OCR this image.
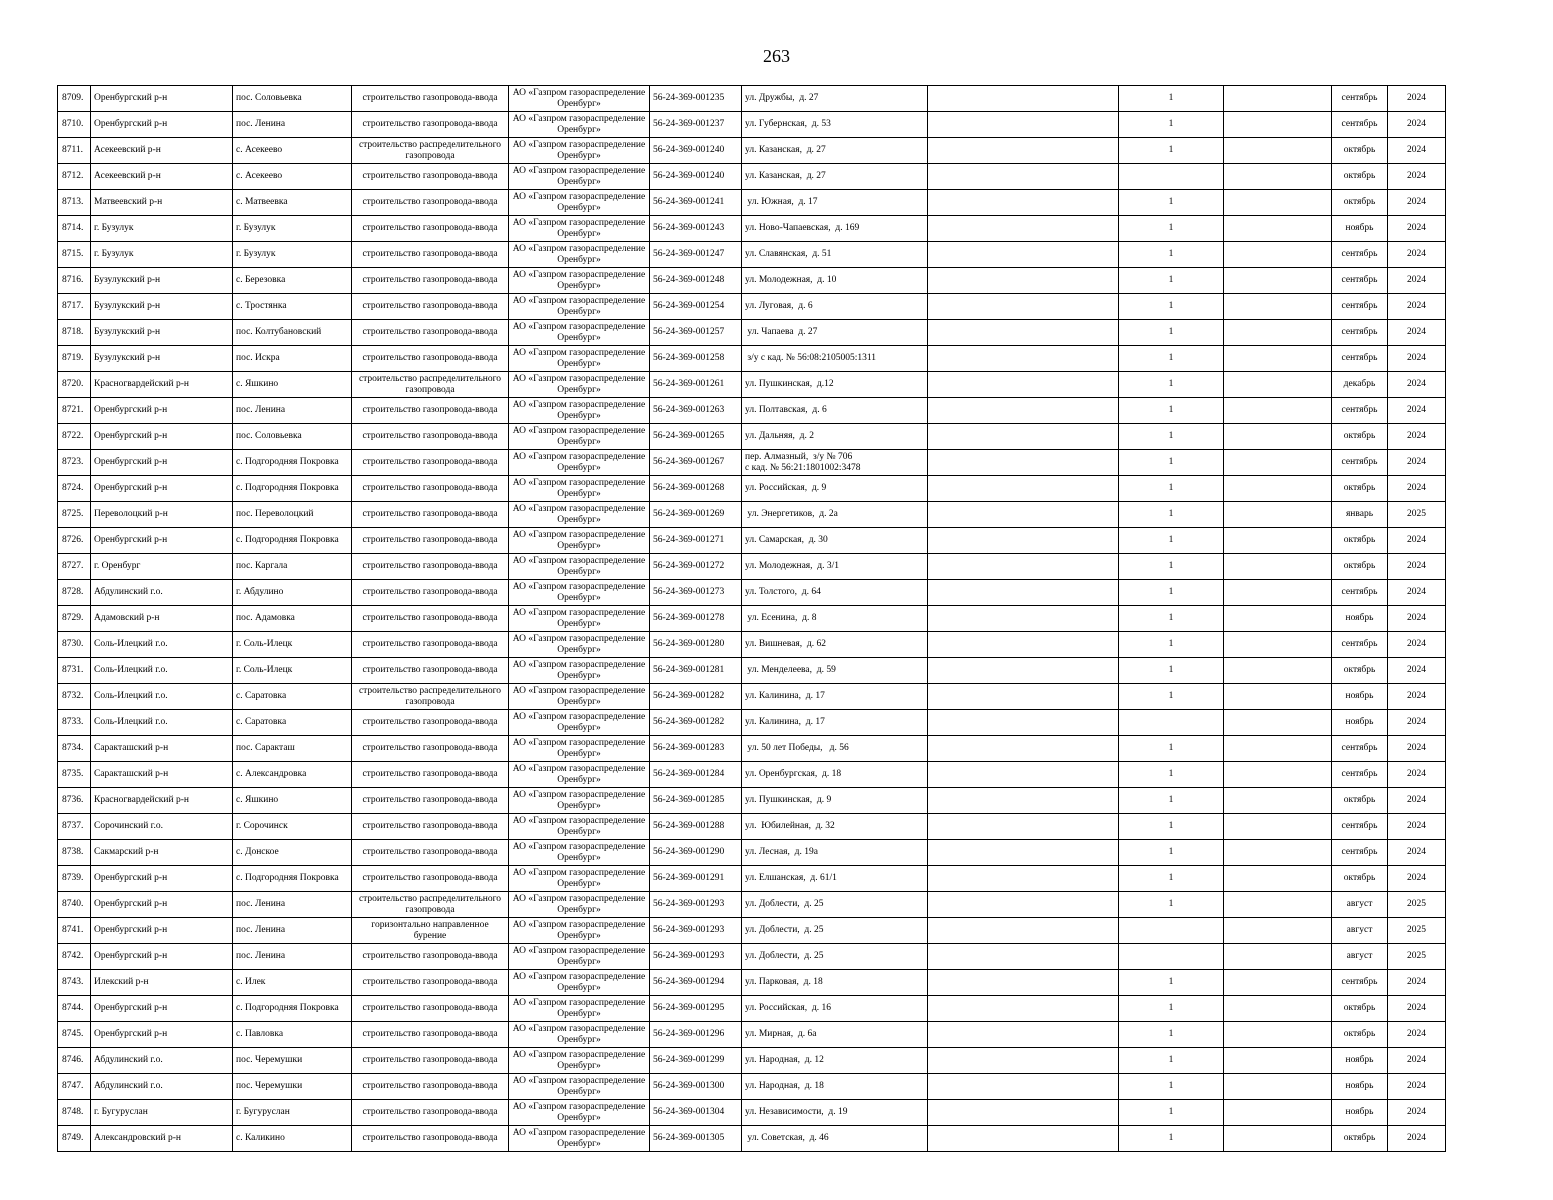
263
8709.	Оренбургский р-н	пос. Соловьевка	строительство газопровода-ввода	АО «Газпром газораспределение Оренбург»	56-24-369-001235	ул. Дружбы,  д. 27		1		сентябрь	2024
8710.	Оренбургский р-н	пос. Ленина	строительство газопровода-ввода	АО «Газпром газораспределение Оренбург»	56-24-369-001237	ул. Губернская,  д. 53		1		сентябрь	2024
8711.	Асекеевский р-н	с. Асекеево	строительство распределительного газопровода	АО «Газпром газораспределение Оренбург»	56-24-369-001240	ул. Казанская,  д. 27		1		октябрь	2024
8712.	Асекеевский р-н	с. Асекеево	строительство газопровода-ввода	АО «Газпром газораспределение Оренбург»	56-24-369-001240	ул. Казанская,  д. 27				октябрь	2024
8713.	Матвеевский р-н	с. Матвеевка	строительство газопровода-ввода	АО «Газпром газораспределение Оренбург»	56-24-369-001241	ул. Южная,  д. 17		1		октябрь	2024
8714.	г. Бузулук	г. Бузулук	строительство газопровода-ввода	АО «Газпром газораспределение Оренбург»	56-24-369-001243	ул. Ново-Чапаевская,  д. 169		1		ноябрь	2024
8715.	г. Бузулук	г. Бузулук	строительство газопровода-ввода	АО «Газпром газораспределение Оренбург»	56-24-369-001247	ул. Славянская,  д. 51		1		сентябрь	2024
8716.	Бузулукский р-н	с. Березовка	строительство газопровода-ввода	АО «Газпром газораспределение Оренбург»	56-24-369-001248	ул. Молодежная,  д. 10		1		сентябрь	2024
8717.	Бузулукский р-н	с. Тростянка	строительство газопровода-ввода	АО «Газпром газораспределение Оренбург»	56-24-369-001254	ул. Луговая,  д. 6		1		сентябрь	2024
8718.	Бузулукский р-н	пос. Колтубановский	строительство газопровода-ввода	АО «Газпром газораспределение Оренбург»	56-24-369-001257	ул. Чапаева  д. 27		1		сентябрь	2024
8719.	Бузулукский р-н	пос. Искра	строительство газопровода-ввода	АО «Газпром газораспределение Оренбург»	56-24-369-001258	з/у с кад. № 56:08:2105005:1311		1		сентябрь	2024
8720.	Красногвардейский р-н	с. Яшкино	строительство распределительного газопровода	АО «Газпром газораспределение Оренбург»	56-24-369-001261	ул. Пушкинская,  д.12		1		декабрь	2024
8721.	Оренбургский р-н	пос. Ленина	строительство газопровода-ввода	АО «Газпром газораспределение Оренбург»	56-24-369-001263	ул. Полтавская,  д. 6		1		сентябрь	2024
8722.	Оренбургский р-н	пос. Соловьевка	строительство газопровода-ввода	АО «Газпром газораспределение Оренбург»	56-24-369-001265	ул. Дальняя,  д. 2		1		октябрь	2024
8723.	Оренбургский р-н	с. Подгородняя Покровка	строительство газопровода-ввода	АО «Газпром газораспределение Оренбург»	56-24-369-001267	пер. Алмазный,  з/у № 706
с кад. № 56:21:1801002:3478		1		сентябрь	2024
8724.	Оренбургский р-н	с. Подгородняя Покровка	строительство газопровода-ввода	АО «Газпром газораспределение Оренбург»	56-24-369-001268	ул. Российская,  д. 9		1		октябрь	2024
8725.	Переволоцкий р-н	пос. Переволоцкий	строительство газопровода-ввода	АО «Газпром газораспределение Оренбург»	56-24-369-001269	ул. Энергетиков,  д. 2а		1		январь	2025
8726.	Оренбургский р-н	с. Подгородняя Покровка	строительство газопровода-ввода	АО «Газпром газораспределение Оренбург»	56-24-369-001271	ул. Самарская,  д. 30		1		октябрь	2024
8727.	г. Оренбург	пос. Каргала	строительство газопровода-ввода	АО «Газпром газораспределение Оренбург»	56-24-369-001272	ул. Молодежная,  д. 3/1		1		октябрь	2024
8728.	Абдулинский г.о.	г. Абдулино	строительство газопровода-ввода	АО «Газпром газораспределение Оренбург»	56-24-369-001273	ул. Толстого,  д. 64		1		сентябрь	2024
8729.	Адамовский р-н	пос. Адамовка	строительство газопровода-ввода	АО «Газпром газораспределение Оренбург»	56-24-369-001278	ул. Есенина,  д. 8		1		ноябрь	2024
8730.	Соль-Илецкий г.о.	г. Соль-Илецк	строительство газопровода-ввода	АО «Газпром газораспределение Оренбург»	56-24-369-001280	ул. Вишневая,  д. 62		1		сентябрь	2024
8731.	Соль-Илецкий г.о.	г. Соль-Илецк	строительство газопровода-ввода	АО «Газпром газораспределение Оренбург»	56-24-369-001281	ул. Менделеева,  д. 59		1		октябрь	2024
8732.	Соль-Илецкий г.о.	с. Саратовка	строительство распределительного газопровода	АО «Газпром газораспределение Оренбург»	56-24-369-001282	ул. Калинина,  д. 17		1		ноябрь	2024
8733.	Соль-Илецкий г.о.	с. Саратовка	строительство газопровода-ввода	АО «Газпром газораспределение Оренбург»	56-24-369-001282	ул. Калинина,  д. 17				ноябрь	2024
8734.	Саракташский р-н	пос. Саракташ	строительство газопровода-ввода	АО «Газпром газораспределение Оренбург»	56-24-369-001283	ул. 50 лет Победы,   д. 56		1		сентябрь	2024
8735.	Саракташский р-н	с. Александровка	строительство газопровода-ввода	АО «Газпром газораспределение Оренбург»	56-24-369-001284	ул. Оренбургская,  д. 18		1		сентябрь	2024
8736.	Красногвардейский р-н	с. Яшкино	строительство газопровода-ввода	АО «Газпром газораспределение Оренбург»	56-24-369-001285	ул. Пушкинская,  д. 9		1		октябрь	2024
8737.	Сорочинский г.о.	г. Сорочинск	строительство газопровода-ввода	АО «Газпром газораспределение Оренбург»	56-24-369-001288	ул.  Юбилейная,  д. 32		1		сентябрь	2024
8738.	Сакмарский р-н	с. Донское	строительство газопровода-ввода	АО «Газпром газораспределение Оренбург»	56-24-369-001290	ул. Лесная,  д. 19а		1		сентябрь	2024
8739.	Оренбургский р-н	с. Подгородняя Покровка	строительство газопровода-ввода	АО «Газпром газораспределение Оренбург»	56-24-369-001291	ул. Елшанская,  д. 61/1		1		октябрь	2024
8740.	Оренбургский р-н	пос. Ленина	строительство распределительного газопровода	АО «Газпром газораспределение Оренбург»	56-24-369-001293	ул. Доблести,  д. 25		1		август	2025
8741.	Оренбургский р-н	пос. Ленина	горизонтально направленное бурение	АО «Газпром газораспределение Оренбург»	56-24-369-001293	ул. Доблести,  д. 25				август	2025
8742.	Оренбургский р-н	пос. Ленина	строительство газопровода-ввода	АО «Газпром газораспределение Оренбург»	56-24-369-001293	ул. Доблести,  д. 25				август	2025
8743.	Илекский р-н	с. Илек	строительство газопровода-ввода	АО «Газпром газораспределение Оренбург»	56-24-369-001294	ул. Парковая,  д. 18		1		сентябрь	2024
8744.	Оренбургский р-н	с. Подгородняя Покровка	строительство газопровода-ввода	АО «Газпром газораспределение Оренбург»	56-24-369-001295	ул. Российская,  д. 16		1		октябрь	2024
8745.	Оренбургский р-н	с. Павловка	строительство газопровода-ввода	АО «Газпром газораспределение Оренбург»	56-24-369-001296	ул. Мирная,  д. 6а		1		октябрь	2024
8746.	Абдулинский г.о.	пос. Черемушки	строительство газопровода-ввода	АО «Газпром газораспределение Оренбург»	56-24-369-001299	ул. Народная,  д. 12		1		ноябрь	2024
8747.	Абдулинский г.о.	пос. Черемушки	строительство газопровода-ввода	АО «Газпром газораспределение Оренбург»	56-24-369-001300	ул. Народная,  д. 18		1		ноябрь	2024
8748.	г. Бугуруслан	г. Бугуруслан	строительство газопровода-ввода	АО «Газпром газораспределение Оренбург»	56-24-369-001304	ул. Независимости,  д. 19		1		ноябрь	2024
8749.	Александровский р-н	с. Каликино	строительство газопровода-ввода	АО «Газпром газораспределение Оренбург»	56-24-369-001305	ул. Советская,  д. 46		1		октябрь	2024
